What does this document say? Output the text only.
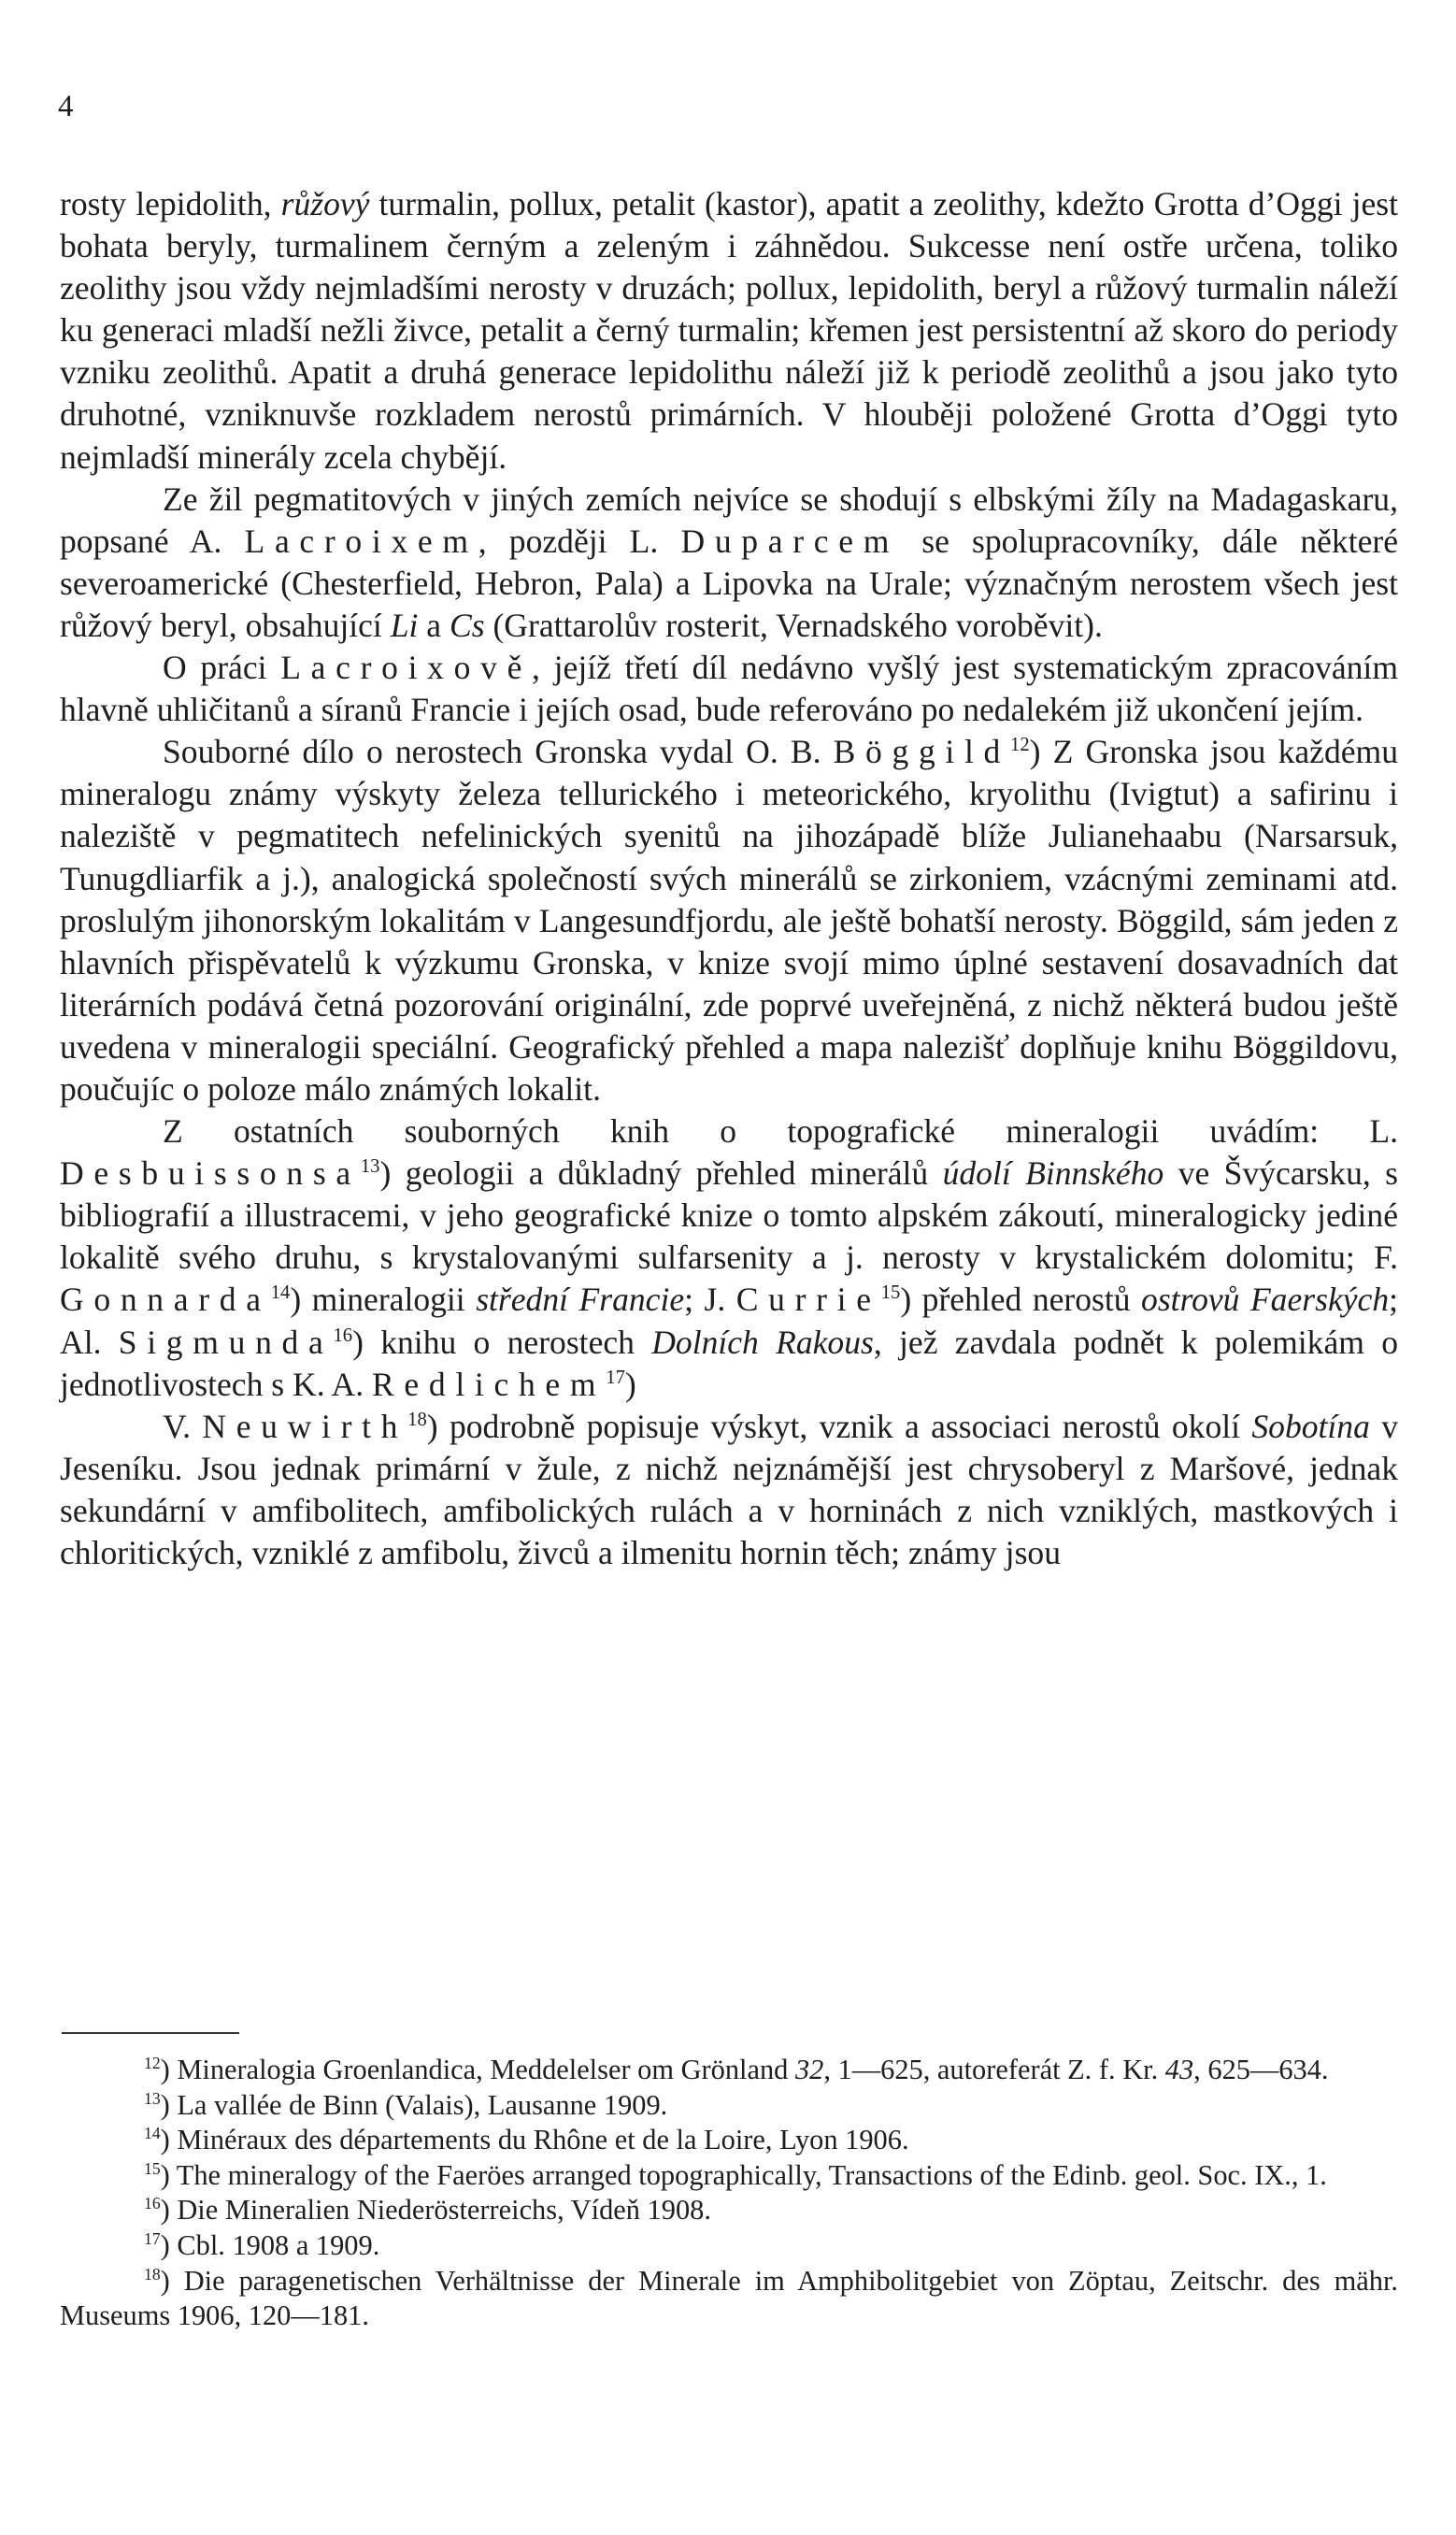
4

rosty lepidolith, růžový turmalin, pollux, petalit (kastor), apatit a zeolithy, kdežto Grotta d’Oggi jest bohata beryly, turmalinem černým a zeleným i záhnědou. Sukcesse není ostře určena, toliko zeolithy jsou vždy nejmladšími nerosty v druzách; pollux, lepidolith, beryl a růžový turmalin náleží ku generaci mladší nežli živce, petalit a černý turmalin; křemen jest persistentní až skoro do periody vzniku zeolithů. Apatit a druhá generace lepidolithu náleží již k periodě zeolithů a jsou jako tyto druhotné, vzniknuvše rozkladem nerostů primárních. V hlouběji položené Grotta d’Oggi tyto nejmladší minerály zcela chybějí.

Ze žil pegmatitových v jiných zemích nejvíce se shodují s elbskými žíly na Madagaskaru, popsané A. Lacroixem, později L. Duparcem se spolupracovníky, dále některé severoamerické (Chesterfield, Hebron, Pala) a Lipovka na Urale; význačným nerostem všech jest růžový beryl, obsahující Li a Cs (Grattarolův rosterit, Vernadského voroběvit).

O práci Lacroixově, jejíž třetí díl nedávno vyšlý jest systematickým zpracováním hlavně uhličitanů a síranů Francie i jejích osad, bude referováno po nedalekém již ukončení jejím.

Souborné dílo o nerostech Gronska vydal O. B. Böggild$^{12}$) Z Gronska jsou každému mineralogu známy výskyty železa tellurického i meteorického, kryolithu (Ivigtut) a safirinu i naleziště v pegmatitech nefelinických syenitů na jihozápadě blíže Julianehaabu (Narsarsuk, Tunugdliarfik a j.), analogická společností svých minerálů se zirkoniem, vzácnými zeminami atd. proslulým jihonorským lokalitám v Langesundfjordu, ale ještě bohatší nerosty. Böggild, sám jeden z hlavních přispěvatelů k výzkumu Gronska, v knize svojí mimo úplné sestavení dosavadních dat literárních podává četná pozorování originální, zde poprvé uveřejněná, z nichž některá budou ještě uvedena v mineralogii speciální. Geografický přehled a mapa nalezišť doplňuje knihu Böggildovu, poučujíc o poloze málo známých lokalit.

Z ostatních souborných knih o topografické mineralogii uvádím: L. Desbuissonsa$^{13}$) geologii a důkladný přehled minerálů údolí Binnského ve Švýcarsku, s bibliografií a illustracemi, v jeho geografické knize o tomto alpském zákoutí, mineralogicky jediné lokalitě svého druhu, s krystalovanými sulfarsenity a j. nerosty v krystalickém dolomitu; F. Gonnarda$^{14}$) mineralogii střední Francie; J. Currie$^{15}$) přehled nerostů ostrovů Faerských; Al. Sigmunda$^{16}$) knihu o nerostech Dolních Rakous, jež zavdala podnět k polemikám o jednotlivostech s K. A. Redlichem$^{17}$)

V. Neuwirth$^{18}$) podrobně popisuje výskyt, vznik a associaci nerostů okolí Sobotína v Jeseníku. Jsou jednak primární v žule, z nichž nejznámější jest chrysoberyl z Maršové, jednak sekundární v amfibolitech, amfibolických rulách a v horninách z nich vzniklých, mastkových i chloritických, vzniklé z amfibolu, živců a ilmenitu hornin těch; známy jsou

$^{12}$) Mineralogia Groenlandica, Meddelelser om Grönland 32, 1—625, autoreferát Z. f. Kr. 43, 625—634.

$^{13}$) La vallée de Binn (Valais), Lausanne 1909.

$^{14}$) Minéraux des départements du Rhône et de la Loire, Lyon 1906.

$^{15}$) The mineralogy of the Faeröes arranged topographically, Transactions of the Edinb. geol. Soc. IX., 1.

$^{16}$) Die Mineralien Niederösterreichs, Vídeň 1908.

$^{17}$) Cbl. 1908 a 1909.

$^{18}$) Die paragenetischen Verhältnisse der Minerale im Amphibolitgebiet von Zöptau, Zeitschr. des mähr. Museums 1906, 120—181.
